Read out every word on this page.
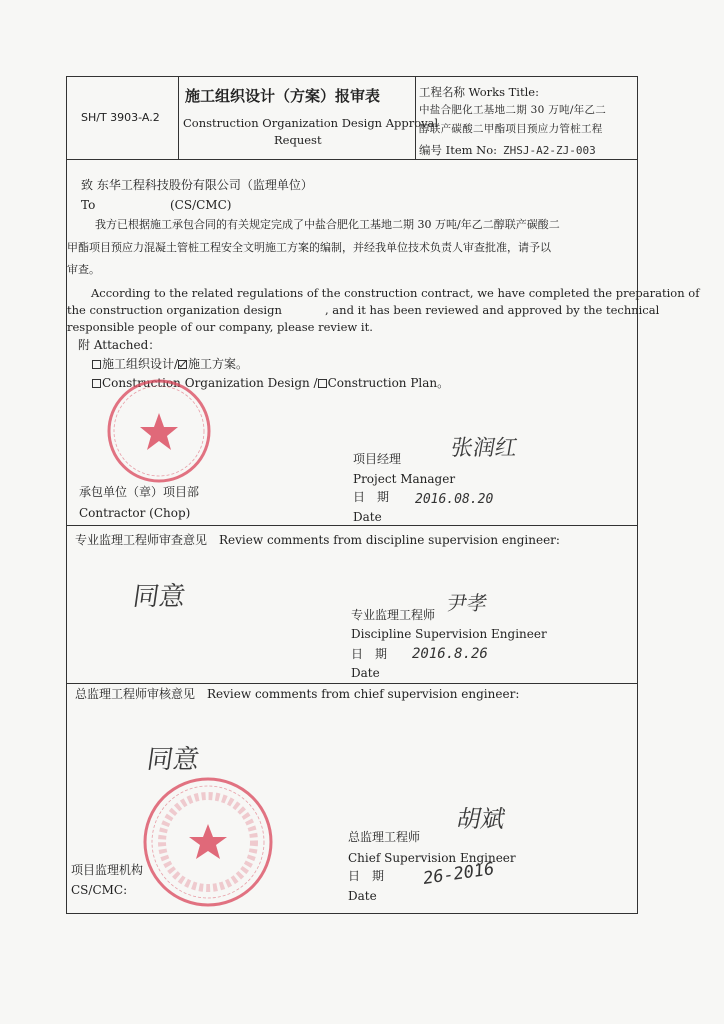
SH/T 3903-A.2
施工组织设计（方案）报审表
Construction Organization Design Approval
Request
工程名称 Works Title:
中盐合肥化工基地二期 30 万吨/年乙二
醇联产碳酸二甲酯项目预应力管桩工程
编号 Item No: ZHSJ-A2-ZJ-003
致 东华工程科技股份有限公司（监理单位）
To	(CS/CMC)
我方已根据施工承包合同的有关规定完成了中盐合肥化工基地二期 30 万吨/年乙二醇联产碳酸二
甲酯项目预应力混凝土管桩工程安全文明施工方案的编制，并经我单位技术负责人审查批准，请予以
审查。
According to the related regulations of the construction contract, we have completed the preparation of
the construction organization design	, and it has been reviewed and approved by the technical
responsible people of our company, please review it.
附 Attached：
施工组织设计/ 施工方案。
Construction Organization Design / Construction Plan。
项目经理
Project Manager
日　期
Date
张润红
2016.08.20
承包单位（章）项目部
Contractor (Chop)
专业监理工程师审查意见　Review comments from discipline supervision engineer:
同意
专业监理工程师
Discipline Supervision Engineer
尹孝
日　期
Date
2016.8.26
总监理工程师审核意见　Review comments from chief supervision engineer:
同意
总监理工程师
Chief Supervision Engineer
胡斌
日　期
Date
26-2016
项目监理机构
CS/CMC:
